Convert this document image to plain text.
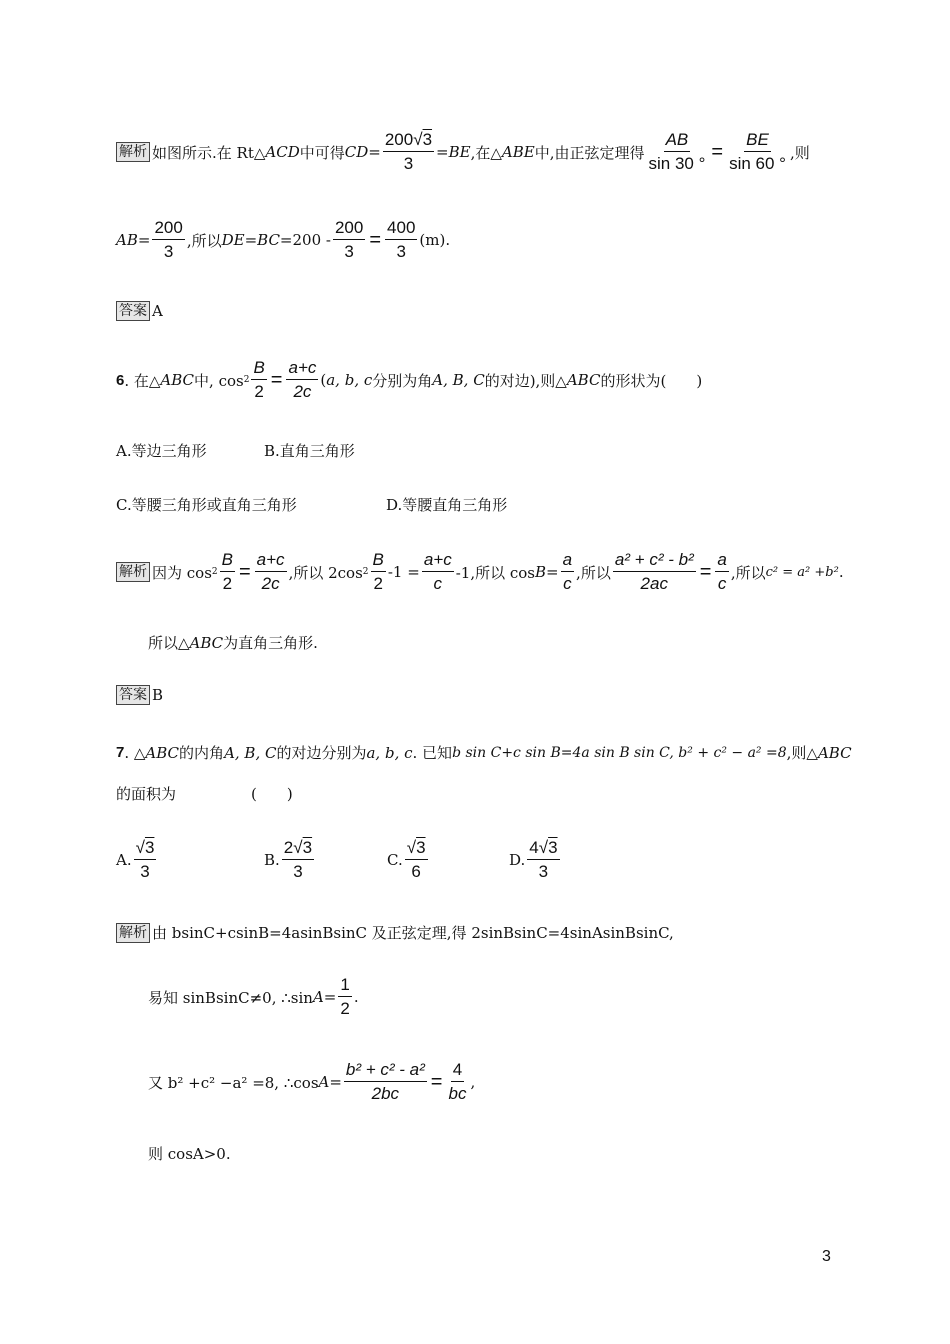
解析 如图所示.在 Rt△ ACD 中可得 $CD= \frac{200√3}{3} =BE$ ,在△ ABE 中,由正弦定理得 $\frac{AB}{\sin 30 ^\circ} = \frac{BE}{\sin 60 ^\circ}$ ,则
$AB= \frac{200}{3}$ ,所以 $DE=BC= 200 - \frac{200}{3} = \frac{400}{3} (m)$.
答案 A
6 . 在△ ABC 中, $\cos 2 \frac{B}{2} = \frac{a+c}{2c}$ ( a, b, c 分别为角 A, B, C 的对边),则△ ABC 的形状为(　　)
A.等边三角形	B.直角三角形
C.等腰三角形或直角三角形	D.等腰直角三角形
解析 因为 $\cos 2 \frac{B}{2} = \frac{a+c}{2c}$ ,所以 2cos $2 \frac{B}{2} -1 = \frac{a+c}{c} -1$,所以 $\cos B= \frac{a}{c}$ ,所以 $\frac{\text{a² + c² - b²}}{2ac} = \frac{a}{c}$ ,所以 c² = a² +b² .
所以△ ABC 为直角三角形.
答案 B
7 . △ ABC 的内角 A, B, C 的对边分别为 a, b, c . 已知 b sin C+c sin B=4a sin B sin C, b² + c² − a² =8 ,则△ ABC
的面积为　　　　　(　　)
A. $\frac{√3}{3}$	B. $\frac{2√3}{3}$	C. $\frac{√3}{6}$	D. $\frac{4√3}{3}$
解析 由 bsinC+csinB=4asinBsinC 及正弦定理,得 2sinBsinC=4sinAsinBsinC,
易知 sinBsinC≠0, ∴sin $A= \frac{1}{2}$ .
又 b² +c² −a² =8, ∴cos $A= \frac{\text{b² + c² - a²}}{2bc} = \frac{4}{bc}$ ,
则 cosA>0.
3
